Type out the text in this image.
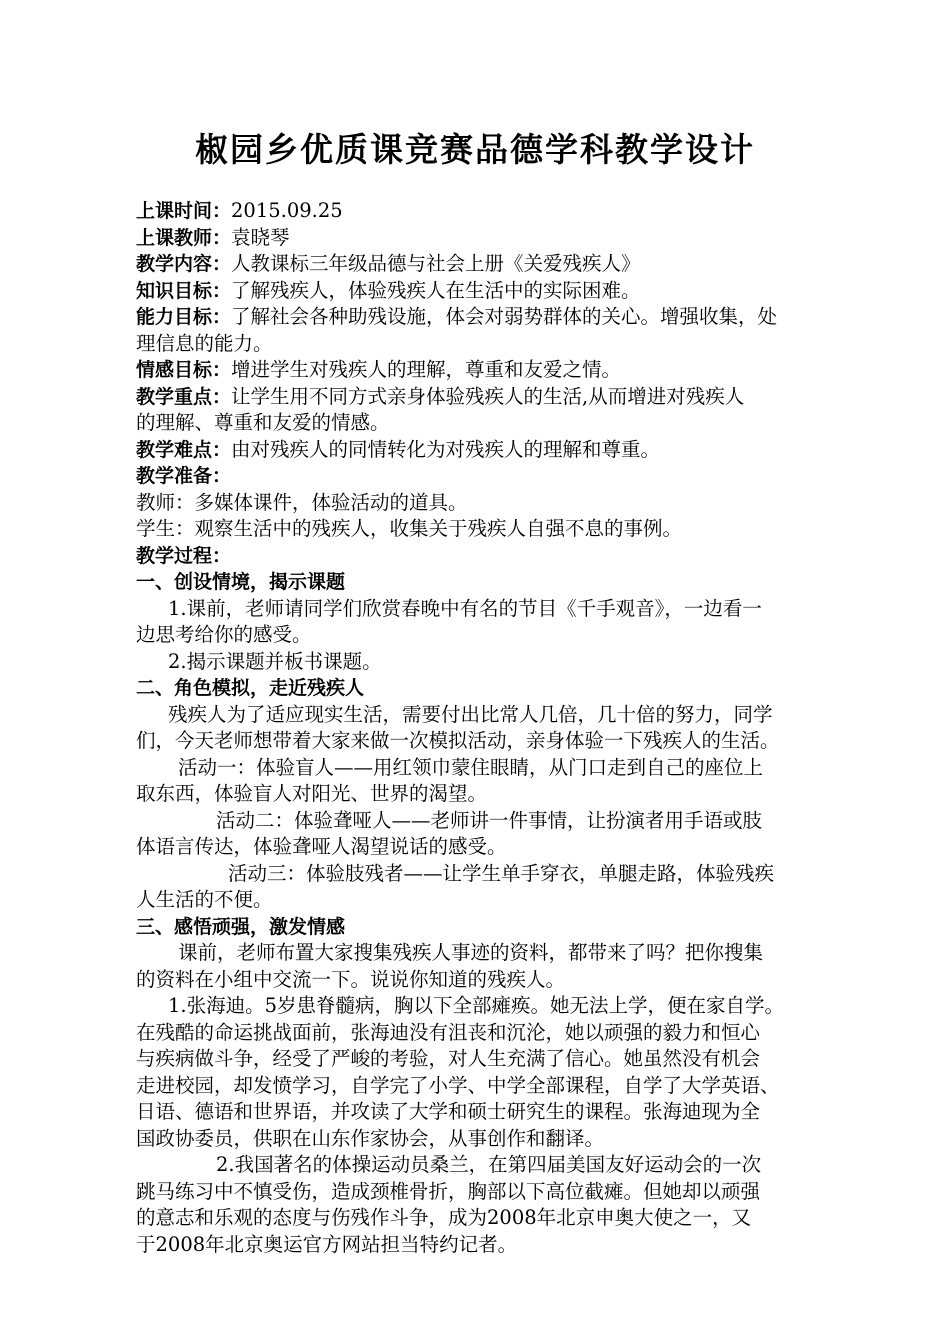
椒园乡优质课竞赛品德学科教学设计
上课时间：2015.09.25
上课教师：袁晓琴
教学内容：人教课标三年级品德与社会上册《关爱残疾人》
知识目标：了解残疾人，体验残疾人在生活中的实际困难。
能力目标：了解社会各种助残设施，体会对弱势群体的关心。增强收集，处
理信息的能力。
情感目标：增进学生对残疾人的理解，尊重和友爱之情。
教学重点：让学生用不同方式亲身体验残疾人的生活,从而增进对残疾人
的理解、尊重和友爱的情感。
教学难点：由对残疾人的同情转化为对残疾人的理解和尊重。
教学准备：
教师：多媒体课件，体验活动的道具。
学生：观察生活中的残疾人，收集关于残疾人自强不息的事例。
教学过程：
一、创设情境，揭示课题
1.课前，老师请同学们欣赏春晚中有名的节目《千手观音》，一边看一
边思考给你的感受。
2.揭示课题并板书课题。
二、角色模拟，走近残疾人
残疾人为了适应现实生活，需要付出比常人几倍，几十倍的努力，同学
们，今天老师想带着大家来做一次模拟活动，亲身体验一下残疾人的生活。
活动一：体验盲人——用红领巾蒙住眼睛，从门口走到自己的座位上
取东西，体验盲人对阳光、世界的渴望。
活动二：体验聋哑人——老师讲一件事情，让扮演者用手语或肢
体语言传达，体验聋哑人渴望说话的感受。
活动三：体验肢残者——让学生单手穿衣，单腿走路，体验残疾
人生活的不便。
三、感悟顽强，激发情感
课前，老师布置大家搜集残疾人事迹的资料，都带来了吗？把你搜集
的资料在小组中交流一下。说说你知道的残疾人。
1.张海迪。5岁患脊髓病，胸以下全部瘫痪。她无法上学，便在家自学。
在残酷的命运挑战面前，张海迪没有沮丧和沉沦，她以顽强的毅力和恒心
与疾病做斗争，经受了严峻的考验，对人生充满了信心。她虽然没有机会
走进校园，却发愤学习，自学完了小学、中学全部课程，自学了大学英语、
日语、德语和世界语，并攻读了大学和硕士研究生的课程。张海迪现为全
国政协委员，供职在山东作家协会，从事创作和翻译。
2.我国著名的体操运动员桑兰，在第四届美国友好运动会的一次
跳马练习中不慎受伤，造成颈椎骨折，胸部以下高位截瘫。但她却以顽强
的意志和乐观的态度与伤残作斗争，成为2008年北京申奥大使之一，又
于2008年北京奥运官方网站担当特约记者。
